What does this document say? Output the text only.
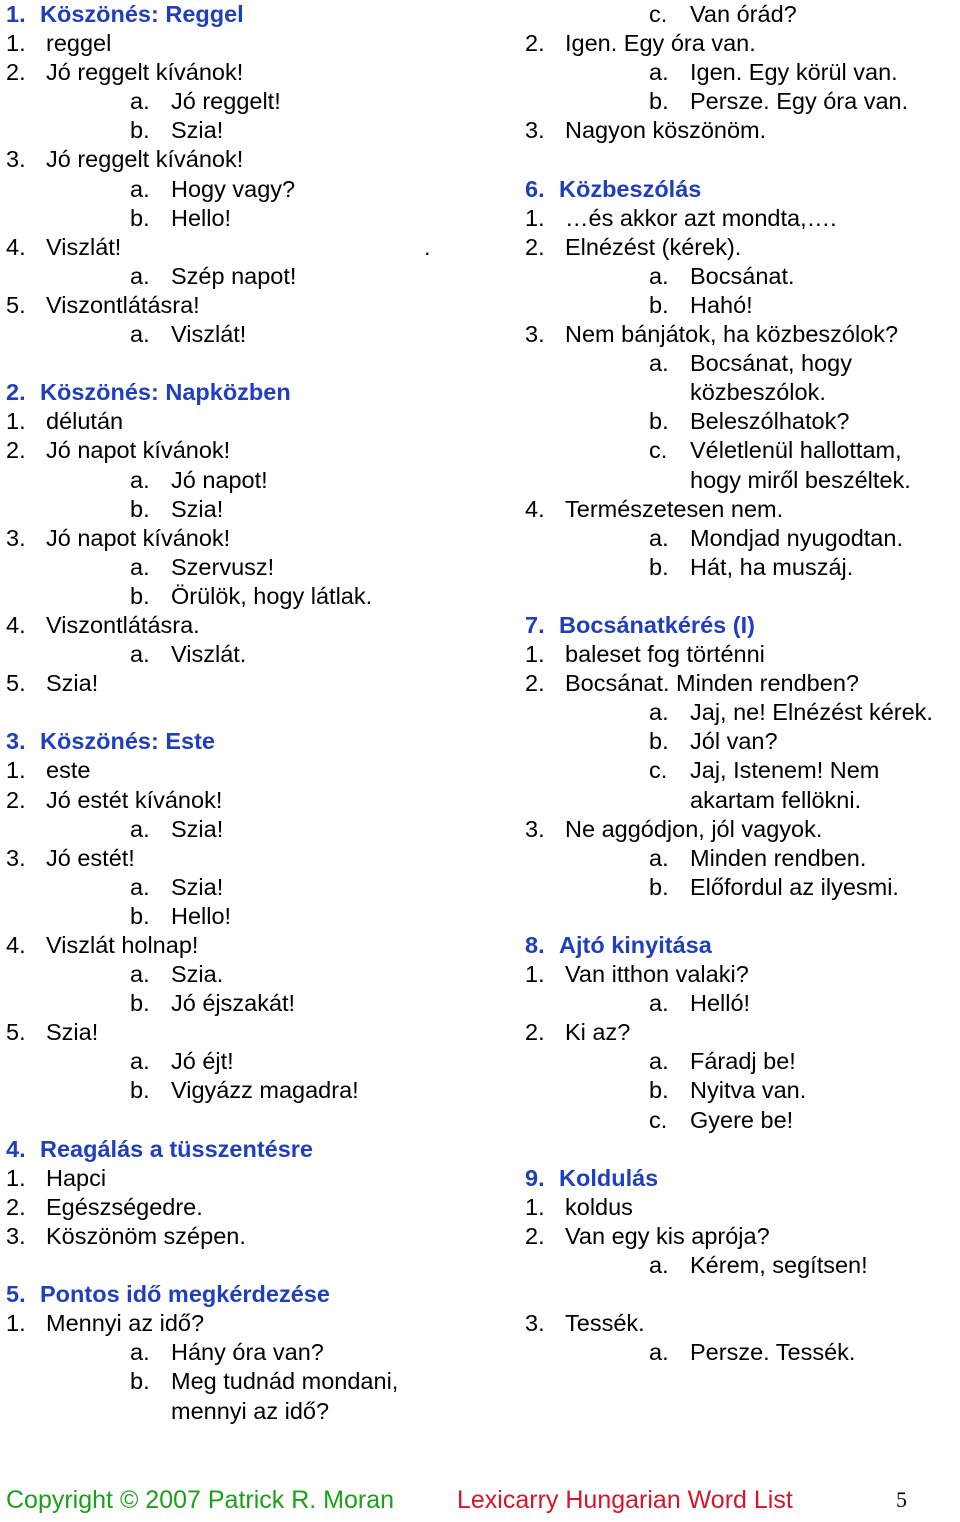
1. Köszönés: Reggel
1. reggel
2. Jó reggelt kívánok!
a. Jó reggelt!
b. Szia!
3. Jó reggelt kívánok!
a. Hogy vagy?
b. Hello!
4. Viszlát!	.
a. Szép napot!
5. Viszontlátásra!
a. Viszlát!
2. Köszönés: Napközben
1. délután
2. Jó napot kívánok!
a. Jó napot!
b. Szia!
3. Jó napot kívánok!
a. Szervusz!
b. Örülök, hogy látlak.
4. Viszontlátásra.
a. Viszlát.
5. Szia!
3. Köszönés: Este
1. este
2. Jó estét kívánok!
a. Szia!
3. Jó estét!
a. Szia!
b. Hello!
4. Viszlát holnap!
a. Szia.
b. Jó éjszakát!
5. Szia!
a. Jó éjt!
b. Vigyázz magadra!
4. Reagálás a tüsszentésre
1. Hapci
2. Egészségedre.
3. Köszönöm szépen.
5. Pontos idő megkérdezése
1. Mennyi az idő?
a. Hány óra van?
b. Meg tudnád mondani,
mennyi az idő?
c. Van órád?
2. Igen. Egy óra van.
a. Igen. Egy körül van.
b. Persze. Egy óra van.
3. Nagyon köszönöm.
6. Közbeszólás
1. …és akkor azt mondta,….
2. Elnézést (kérek).
a. Bocsánat.
b. Hahó!
3. Nem bánjátok, ha közbeszólok?
a. Bocsánat, hogy
közbeszólok.
b. Beleszólhatok?
c. Véletlenül hallottam,
hogy miről beszéltek.
4. Természetesen nem.
a. Mondjad nyugodtan.
b. Hát, ha muszáj.
7. Bocsánatkérés (I)
1. baleset fog történni
2. Bocsánat. Minden rendben?
a. Jaj, ne! Elnézést kérek.
b. Jól van?
c. Jaj, Istenem! Nem
akartam fellökni.
3. Ne aggódjon, jól vagyok.
a. Minden rendben.
b. Előfordul az ilyesmi.
8. Ajtó kinyitása
1. Van itthon valaki?
a. Helló!
2. Ki az?
a. Fáradj be!
b. Nyitva van.
c. Gyere be!
9. Koldulás
1. koldus
2. Van egy kis aprója?
a. Kérem, segítsen!
3. Tessék.
a. Persze. Tessék.
Copyright © 2007 Patrick R. Moran	Lexicarry Hungarian Word List	5
